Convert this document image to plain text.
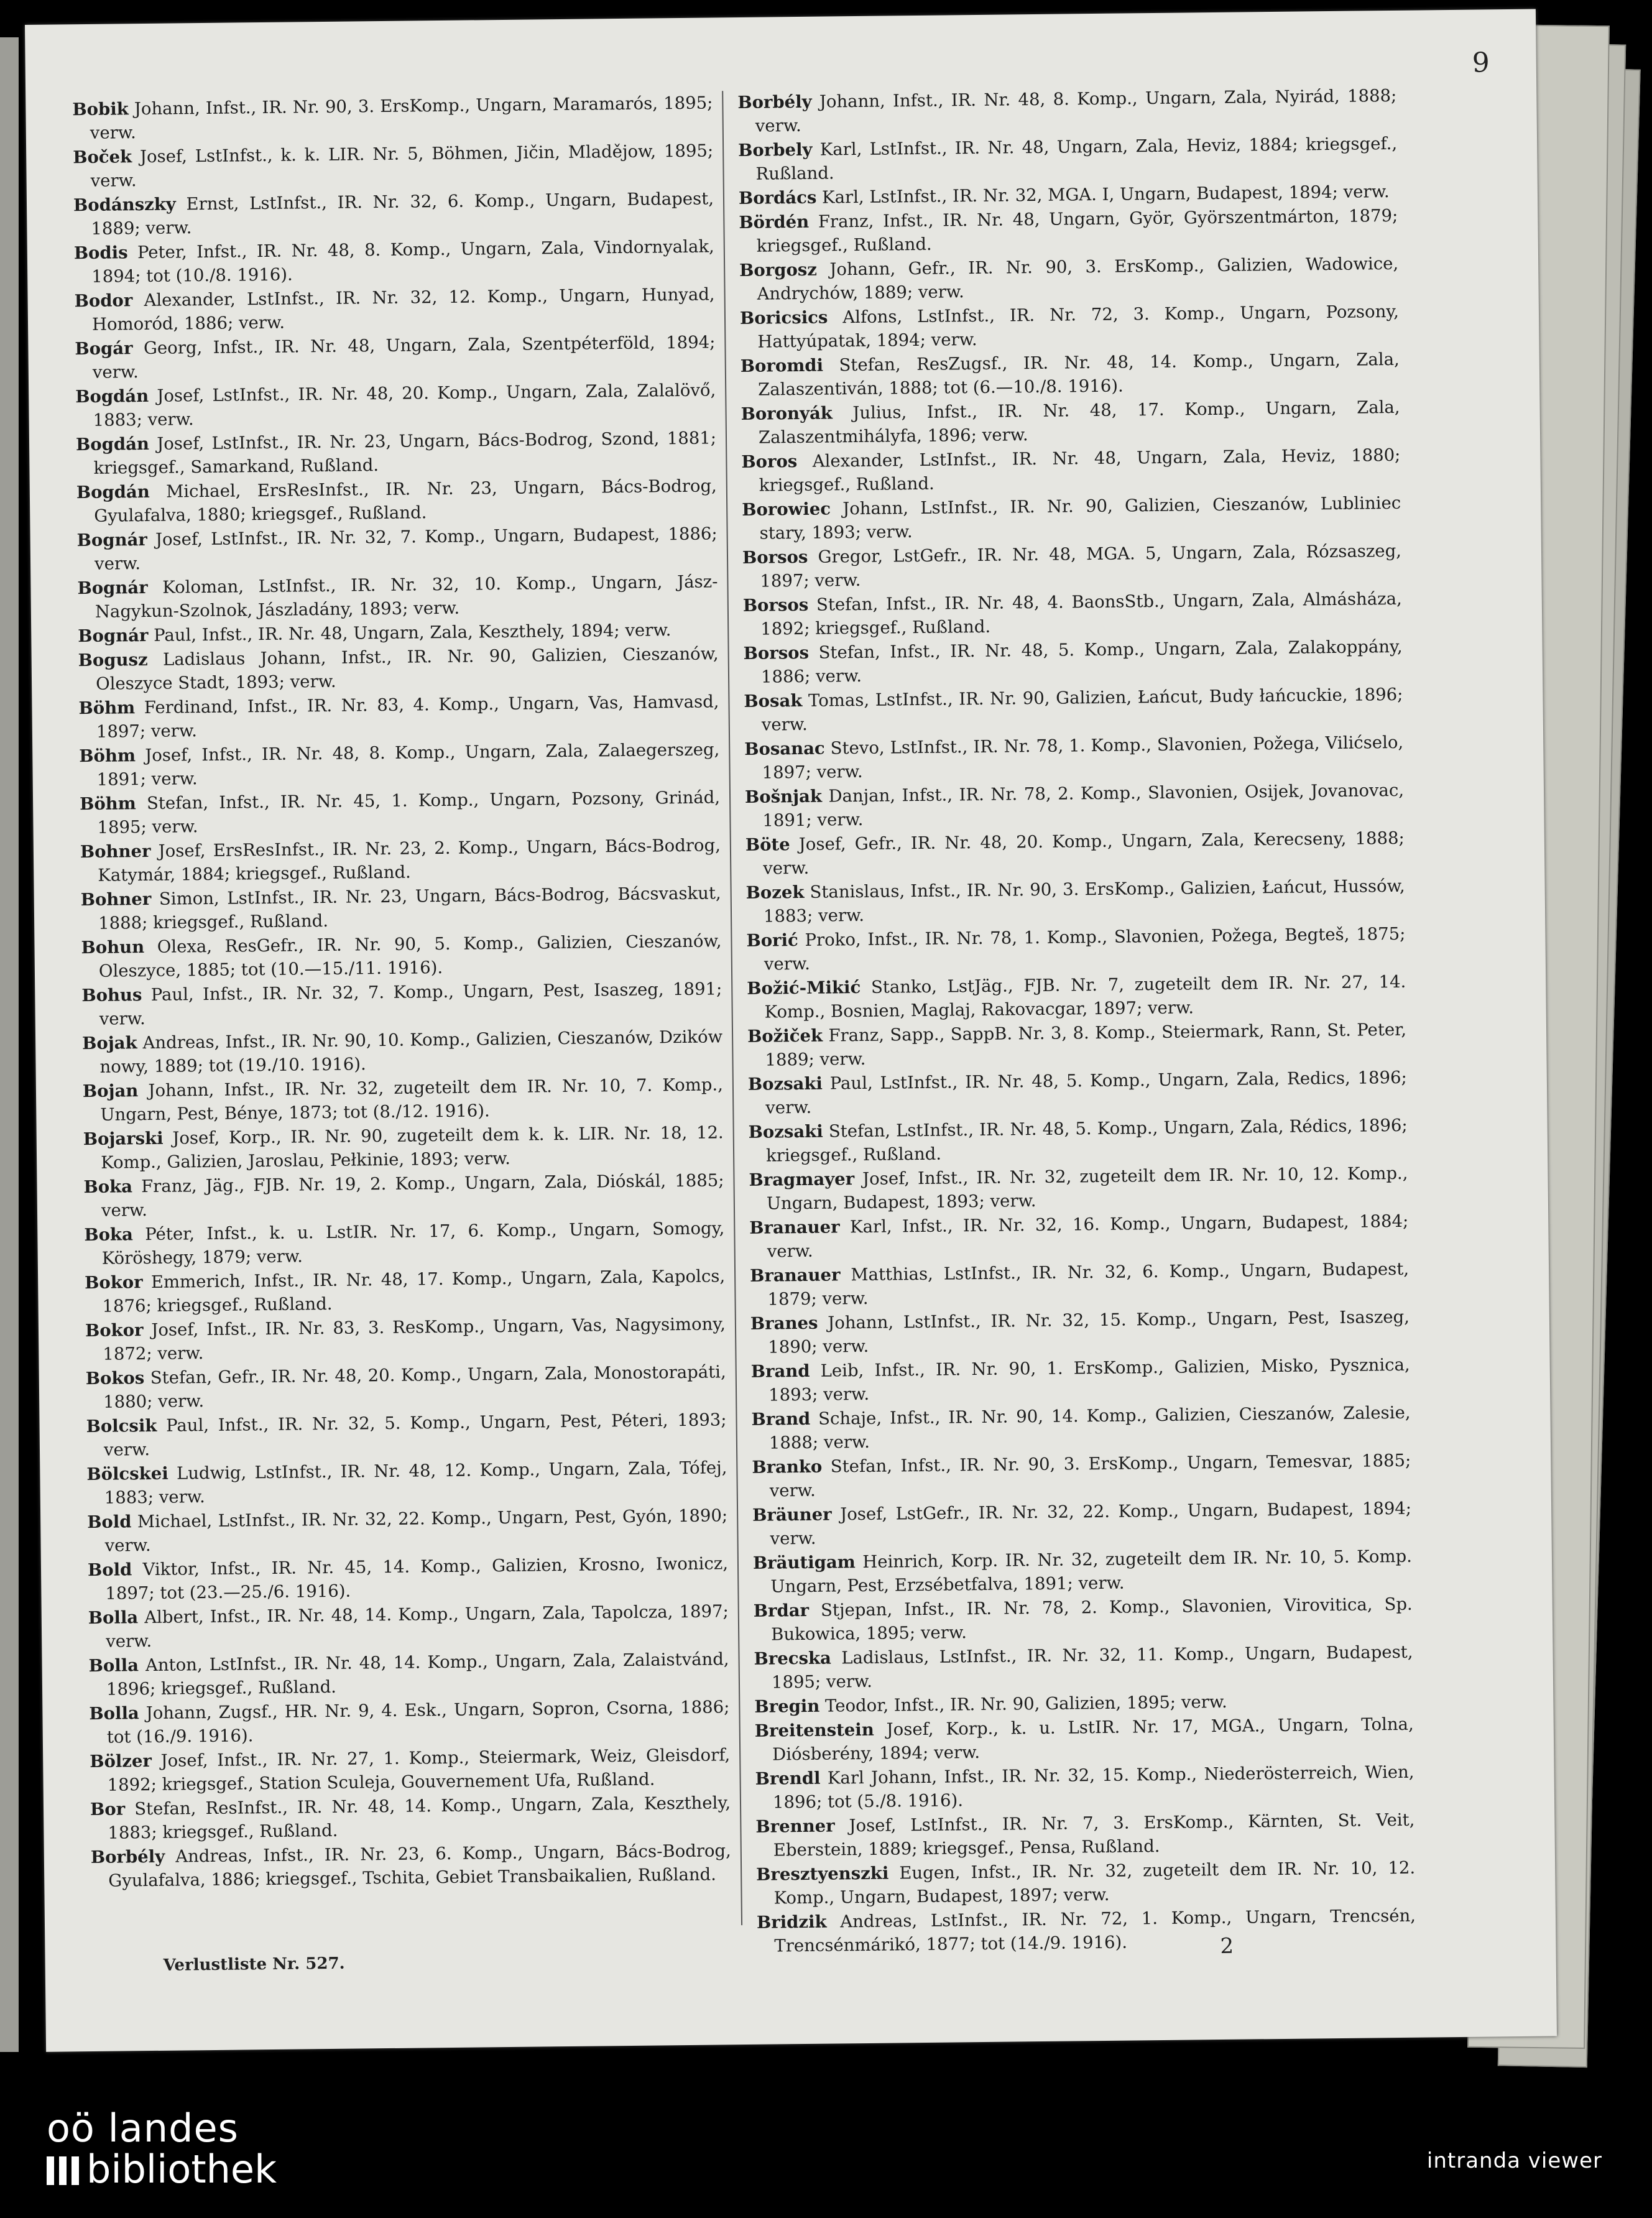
9
Bobik Johann, Infst., IR. Nr. 90, 3. ErsKomp., Ungarn, Maramarós, 1895; verw.
Boček Josef, LstInfst., k. k. LIR. Nr. 5, Böhmen, Jičin, Mladějow, 1895; verw.
Bodánszky Ernst, LstInfst., IR. Nr. 32, 6. Komp., Ungarn, Budapest, 1889; verw.
Bodis Peter, Infst., IR. Nr. 48, 8. Komp., Ungarn, Zala, Vindornyalak, 1894; tot (10./8. 1916).
Bodor Alexander, LstInfst., IR. Nr. 32, 12. Komp., Ungarn, Hunyad, Homoród, 1886; verw.
Bogár Georg, Infst., IR. Nr. 48, Ungarn, Zala, Szentpéterföld, 1894; verw.
Bogdán Josef, LstInfst., IR. Nr. 48, 20. Komp., Ungarn, Zala, Zalalövő, 1883; verw.
Bogdán Josef, LstInfst., IR. Nr. 23, Ungarn, Bács-Bodrog, Szond, 1881; kriegsgef., Samarkand, Rußland.
Bogdán Michael, ErsResInfst., IR. Nr. 23, Ungarn, Bács-Bodrog, Gyulafalva, 1880; kriegsgef., Rußland.
Bognár Josef, LstInfst., IR. Nr. 32, 7. Komp., Ungarn, Budapest, 1886; verw.
Bognár Koloman, LstInfst., IR. Nr. 32, 10. Komp., Ungarn, Jász-Nagykun-Szolnok, Jászladány, 1893; verw.
Bognár Paul, Infst., IR. Nr. 48, Ungarn, Zala, Keszthely, 1894; verw.
Bogusz Ladislaus Johann, Infst., IR. Nr. 90, Galizien, Cieszanów, Oleszyce Stadt, 1893; verw.
Böhm Ferdinand, Infst., IR. Nr. 83, 4. Komp., Ungarn, Vas, Hamvasd, 1897; verw.
Böhm Josef, Infst., IR. Nr. 48, 8. Komp., Ungarn, Zala, Zalaegerszeg, 1891; verw.
Böhm Stefan, Infst., IR. Nr. 45, 1. Komp., Ungarn, Pozsony, Grinád, 1895; verw.
Bohner Josef, ErsResInfst., IR. Nr. 23, 2. Komp., Ungarn, Bács-Bodrog, Katymár, 1884; kriegsgef., Rußland.
Bohner Simon, LstInfst., IR. Nr. 23, Ungarn, Bács-Bodrog, Bácsvaskut, 1888; kriegsgef., Rußland.
Bohun Olexa, ResGefr., IR. Nr. 90, 5. Komp., Galizien, Cieszanów, Oleszyce, 1885; tot (10.—15./11. 1916).
Bohus Paul, Infst., IR. Nr. 32, 7. Komp., Ungarn, Pest, Isaszeg, 1891; verw.
Bojak Andreas, Infst., IR. Nr. 90, 10. Komp., Galizien, Cieszanów, Dzików nowy, 1889; tot (19./10. 1916).
Bojan Johann, Infst., IR. Nr. 32, zugeteilt dem IR. Nr. 10, 7. Komp., Ungarn, Pest, Bénye, 1873; tot (8./12. 1916).
Bojarski Josef, Korp., IR. Nr. 90, zugeteilt dem k. k. LIR. Nr. 18, 12. Komp., Galizien, Jaroslau, Pełkinie, 1893; verw.
Boka Franz, Jäg., FJB. Nr. 19, 2. Komp., Ungarn, Zala, Dióskál, 1885; verw.
Boka Péter, Infst., k. u. LstIR. Nr. 17, 6. Komp., Ungarn, Somogy, Köröshegy, 1879; verw.
Bokor Emmerich, Infst., IR. Nr. 48, 17. Komp., Ungarn, Zala, Kapolcs, 1876; kriegsgef., Rußland.
Bokor Josef, Infst., IR. Nr. 83, 3. ResKomp., Ungarn, Vas, Nagysimony, 1872; verw.
Bokos Stefan, Gefr., IR. Nr. 48, 20. Komp., Ungarn, Zala, Monostorapáti, 1880; verw.
Bolcsik Paul, Infst., IR. Nr. 32, 5. Komp., Ungarn, Pest, Péteri, 1893; verw.
Bölcskei Ludwig, LstInfst., IR. Nr. 48, 12. Komp., Ungarn, Zala, Tófej, 1883; verw.
Bold Michael, LstInfst., IR. Nr. 32, 22. Komp., Ungarn, Pest, Gyón, 1890; verw.
Bold Viktor, Infst., IR. Nr. 45, 14. Komp., Galizien, Krosno, Iwonicz, 1897; tot (23.—25./6. 1916).
Bolla Albert, Infst., IR. Nr. 48, 14. Komp., Ungarn, Zala, Tapolcza, 1897; verw.
Bolla Anton, LstInfst., IR. Nr. 48, 14. Komp., Ungarn, Zala, Zalaistvánd, 1896; kriegsgef., Rußland.
Bolla Johann, Zugsf., HR. Nr. 9, 4. Esk., Ungarn, Sopron, Csorna, 1886; tot (16./9. 1916).
Bölzer Josef, Infst., IR. Nr. 27, 1. Komp., Steiermark, Weiz, Gleisdorf, 1892; kriegsgef., Station Sculeja, Gouvernement Ufa, Rußland.
Bor Stefan, ResInfst., IR. Nr. 48, 14. Komp., Ungarn, Zala, Keszthely, 1883; kriegsgef., Rußland.
Borbély Andreas, Infst., IR. Nr. 23, 6. Komp., Ungarn, Bács-Bodrog, Gyulafalva, 1886; kriegsgef., Tschita, Gebiet Transbaikalien, Rußland.
Borbély Johann, Infst., IR. Nr. 48, 8. Komp., Ungarn, Zala, Nyirád, 1888; verw.
Borbely Karl, LstInfst., IR. Nr. 48, Ungarn, Zala, Heviz, 1884; kriegsgef., Rußland.
Bordács Karl, LstInfst., IR. Nr. 32, MGA. I, Ungarn, Budapest, 1894; verw.
Bördén Franz, Infst., IR. Nr. 48, Ungarn, Györ, Györszentmárton, 1879; kriegsgef., Rußland.
Borgosz Johann, Gefr., IR. Nr. 90, 3. ErsKomp., Galizien, Wadowice, Andrychów, 1889; verw.
Boricsics Alfons, LstInfst., IR. Nr. 72, 3. Komp., Ungarn, Pozsony, Hattyúpatak, 1894; verw.
Boromdi Stefan, ResZugsf., IR. Nr. 48, 14. Komp., Ungarn, Zala, Zalaszentiván, 1888; tot (6.—10./8. 1916).
Boronyák Julius, Infst., IR. Nr. 48, 17. Komp., Ungarn, Zala, Zalaszentmihályfa, 1896; verw.
Boros Alexander, LstInfst., IR. Nr. 48, Ungarn, Zala, Heviz, 1880; kriegsgef., Rußland.
Borowiec Johann, LstInfst., IR. Nr. 90, Galizien, Cieszanów, Lubliniec stary, 1893; verw.
Borsos Gregor, LstGefr., IR. Nr. 48, MGA. 5, Ungarn, Zala, Rózsaszeg, 1897; verw.
Borsos Stefan, Infst., IR. Nr. 48, 4. BaonsStb., Ungarn, Zala, Almásháza, 1892; kriegsgef., Rußland.
Borsos Stefan, Infst., IR. Nr. 48, 5. Komp., Ungarn, Zala, Zalakoppány, 1886; verw.
Bosak Tomas, LstInfst., IR. Nr. 90, Galizien, Łańcut, Budy łańcuckie, 1896; verw.
Bosanac Stevo, LstInfst., IR. Nr. 78, 1. Komp., Slavonien, Požega, Vilićselo, 1897; verw.
Bošnjak Danjan, Infst., IR. Nr. 78, 2. Komp., Slavonien, Osijek, Jovanovac, 1891; verw.
Böte Josef, Gefr., IR. Nr. 48, 20. Komp., Ungarn, Zala, Kerecseny, 1888; verw.
Bozek Stanislaus, Infst., IR. Nr. 90, 3. ErsKomp., Galizien, Łańcut, Hussów, 1883; verw.
Borić Proko, Infst., IR. Nr. 78, 1. Komp., Slavonien, Požega, Begteš, 1875; verw.
Božić-Mikić Stanko, LstJäg., FJB. Nr. 7, zugeteilt dem IR. Nr. 27, 14. Komp., Bosnien, Maglaj, Rakovacgar, 1897; verw.
Božiček Franz, Sapp., SappB. Nr. 3, 8. Komp., Steiermark, Rann, St. Peter, 1889; verw.
Bozsaki Paul, LstInfst., IR. Nr. 48, 5. Komp., Ungarn, Zala, Redics, 1896; verw.
Bozsaki Stefan, LstInfst., IR. Nr. 48, 5. Komp., Ungarn, Zala, Rédics, 1896; kriegsgef., Rußland.
Bragmayer Josef, Infst., IR. Nr. 32, zugeteilt dem IR. Nr. 10, 12. Komp., Ungarn, Budapest, 1893; verw.
Branauer Karl, Infst., IR. Nr. 32, 16. Komp., Ungarn, Budapest, 1884; verw.
Branauer Matthias, LstInfst., IR. Nr. 32, 6. Komp., Ungarn, Budapest, 1879; verw.
Branes Johann, LstInfst., IR. Nr. 32, 15. Komp., Ungarn, Pest, Isaszeg, 1890; verw.
Brand Leib, Infst., IR. Nr. 90, 1. ErsKomp., Galizien, Misko, Pysznica, 1893; verw.
Brand Schaje, Infst., IR. Nr. 90, 14. Komp., Galizien, Cieszanów, Zalesie, 1888; verw.
Branko Stefan, Infst., IR. Nr. 90, 3. ErsKomp., Ungarn, Temesvar, 1885; verw.
Bräuner Josef, LstGefr., IR. Nr. 32, 22. Komp., Ungarn, Budapest, 1894; verw.
Bräutigam Heinrich, Korp. IR. Nr. 32, zugeteilt dem IR. Nr. 10, 5. Komp. Ungarn, Pest, Erzsébetfalva, 1891; verw.
Brdar Stjepan, Infst., IR. Nr. 78, 2. Komp., Slavonien, Virovitica, Sp. Bukowica, 1895; verw.
Brecska Ladislaus, LstInfst., IR. Nr. 32, 11. Komp., Ungarn, Budapest, 1895; verw.
Bregin Teodor, Infst., IR. Nr. 90, Galizien, 1895; verw.
Breitenstein Josef, Korp., k. u. LstIR. Nr. 17, MGA., Ungarn, Tolna, Diósberény, 1894; verw.
Brendl Karl Johann, Infst., IR. Nr. 32, 15. Komp., Niederösterreich, Wien, 1896; tot (5./8. 1916).
Brenner Josef, LstInfst., IR. Nr. 7, 3. ErsKomp., Kärnten, St. Veit, Eberstein, 1889; kriegsgef., Pensa, Rußland.
Bresztyenszki Eugen, Infst., IR. Nr. 32, zugeteilt dem IR. Nr. 10, 12. Komp., Ungarn, Budapest, 1897; verw.
Bridzik Andreas, LstInfst., IR. Nr. 72, 1. Komp., Ungarn, Trencsén, Trencsénmárikó, 1877; tot (14./9. 1916).
Verlustliste Nr. 527.
2
oö landes
bibliothek	intranda viewer
